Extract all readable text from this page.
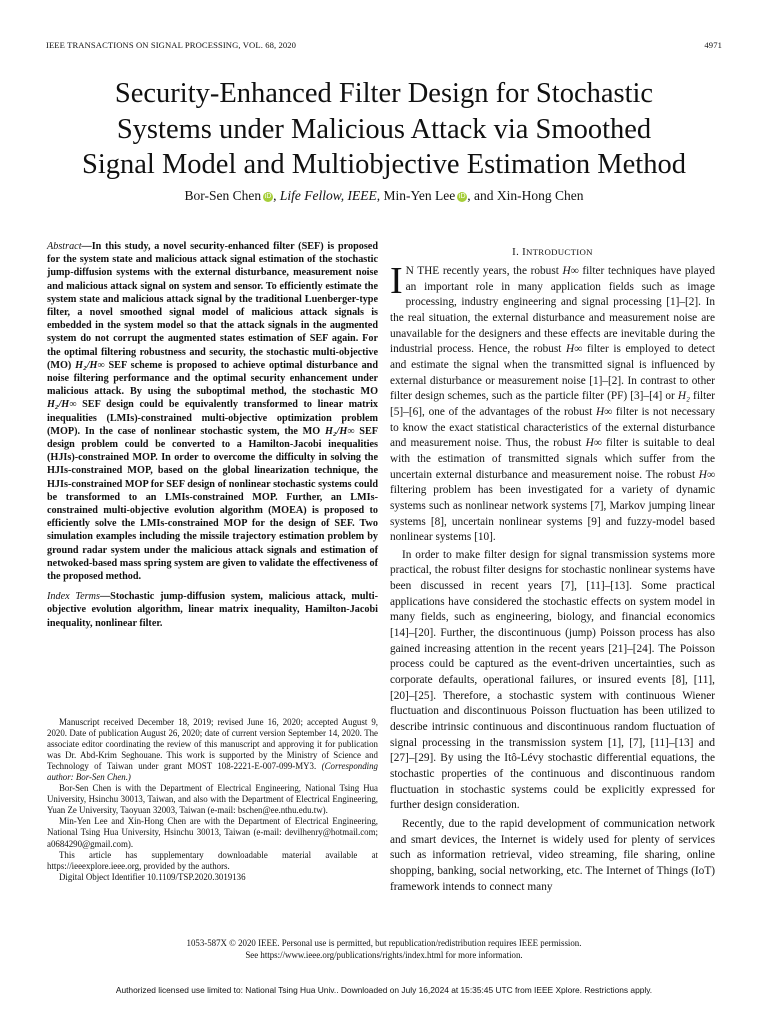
IEEE TRANSACTIONS ON SIGNAL PROCESSING, VOL. 68, 2020	4971
Security-Enhanced Filter Design for Stochastic
Systems under Malicious Attack via Smoothed
Signal Model and Multiobjective Estimation Method
Bor-Sen Chen iD , Life Fellow, IEEE, Min-Yen Lee iD , and Xin-Hong Chen

Abstract—In this study, a novel security-enhanced filter (SEF) is proposed for the system state and malicious attack signal estimation of the stochastic jump-diffusion systems with the external disturbance, measurement noise and malicious attack signal on system and sensor. To efficiently estimate the system state and malicious attack signal by the traditional Luenberger-type filter, a novel smoothed signal model of malicious attack signals is embedded in the system model so that the attack signals in the augmented system do not corrupt the augmented states estimation of SEF again. For the optimal filtering robustness and security, the stochastic multi-objective (MO) H₂/H∞ SEF scheme is proposed to achieve optimal disturbance and noise filtering performance and the optimal security enhancement under malicious attack. By using the suboptimal method, the stochastic MO H₂/H∞ SEF design could be equivalently transformed to linear matrix inequalities (LMIs)-constrained multi-objective optimization problem (MOP). In the case of nonlinear stochastic system, the MO H₂/H∞ SEF design problem could be converted to a Hamilton-Jacobi inequalities (HJIs)-constrained MOP. In order to overcome the difficulty in solving the HJIs-constrained MOP, based on the global linearization technique, the HJIs-constrained MOP for SEF design of nonlinear stochastic systems could be transformed to an LMIs-constrained MOP. Further, an LMIs-constrained multi-objective evolution algorithm (MOEA) is proposed to efficiently solve the LMIs-constrained MOP for the design of SEF. Two simulation examples including the missile trajectory estimation problem by ground radar system under the malicious attack signals and estimation of netwoked-based mass spring system are given to validate the effectiveness of the proposed method.

Index Terms—Stochastic jump-diffusion system, malicious attack, multi-objective evolution algorithm, linear matrix inequality, Hamilton-Jacobi inequality, nonlinear filter.

Manuscript received December 18, 2019; revised June 16, 2020; accepted August 9, 2020. Date of publication August 26, 2020; date of current version September 14, 2020. The associate editor coordinating the review of this manuscript and approving it for publication was Dr. Abd-Krim Seghouane. This work is supported by the Ministry of Science and Technology of Taiwan under grant MOST 108-2221-E-007-099-MY3. (Corresponding author: Bor-Sen Chen.)

Bor-Sen Chen is with the Department of Electrical Engineering, National Tsing Hua University, Hsinchu 30013, Taiwan, and also with the Department of Electrical Engineering, Yuan Ze University, Taoyuan 32003, Taiwan (e-mail: bschen@ee.nthu.edu.tw).

Min-Yen Lee and Xin-Hong Chen are with the Department of Electrical Engineering, National Tsing Hua University, Hsinchu 30013, Taiwan (e-mail: devilhenry@hotmail.com; a0684290@gmail.com).

This article has supplementary downloadable material available at https://ieeexplore.ieee.org, provided by the authors.

Digital Object Identifier 10.1109/TSP.2020.3019136

I. INTRODUCTION

I N THE recently years, the robust H∞ filter techniques have played an important role in many application fields such as image processing, industry engineering and signal processing [1]–[2]. In the real situation, the external disturbance and measurement noise are unavailable for the designers and these effects are inevitable during the industrial process. Hence, the robust H∞ filter is employed to detect and estimate the signal when the transmitted signal is influenced by external disturbance or measurement noise [1]–[2]. In contrast to other filter design schemes, such as the particle filter (PF) [3]–[4] or H₂ filter [5]–[6], one of the advantages of the robust H∞ filter is not necessary to know the exact statistical characteristics of the external disturbance and measurement noise. Thus, the robust H∞ filter is suitable to deal with the estimation of transmitted signals which suffer from the uncertain external disturbance and measurement noise. The robust H∞ filtering problem has been investigated for a variety of dynamic systems such as nonlinear network systems [7], Markov jumping linear systems [8], uncertain nonlinear systems [9] and fuzzy-model based nonlinear systems [10].

In order to make filter design for signal transmission systems more practical, the robust filter designs for stochastic nonlinear systems have been discussed in recent years [7], [11]–[13]. Some practical applications have considered the stochastic effects on system model in many fields, such as engineering, biology, and financial economics [14]–[20]. Further, the discontinuous (jump) Poisson process has also gained increasing attention in the recent years [21]–[24]. The Poisson process could be captured as the event-driven uncertainties, such as corporate defaults, operational failures, or insured events [8], [11], [20]–[25]. Therefore, a stochastic system with continuous Wiener fluctuation and discontinuous Poisson fluctuation has been utilized to describe intrinsic continuous and discontinuous random fluctuation of signal processing in the transmission system [1], [7], [11]–[13] and [27]–[29]. By using the Itô-Lévy stochastic differential equations, the stochastic properties of the continuous and discontinuous random fluctuation in stochastic systems could be explicitly expressed for further design consideration.

Recently, due to the rapid development of communication network and smart devices, the Internet is widely used for plenty of services such as information retrieval, video streaming, file sharing, online shopping, banking, social networking, etc. The Internet of Things (IoT) framework intends to connect many

1053-587X © 2020 IEEE. Personal use is permitted, but republication/redistribution requires IEEE permission.
See https://www.ieee.org/publications/rights/index.html for more information.
Authorized licensed use limited to: National Tsing Hua Univ.. Downloaded on July 16,2024 at 15:35:45 UTC from IEEE Xplore. Restrictions apply.
